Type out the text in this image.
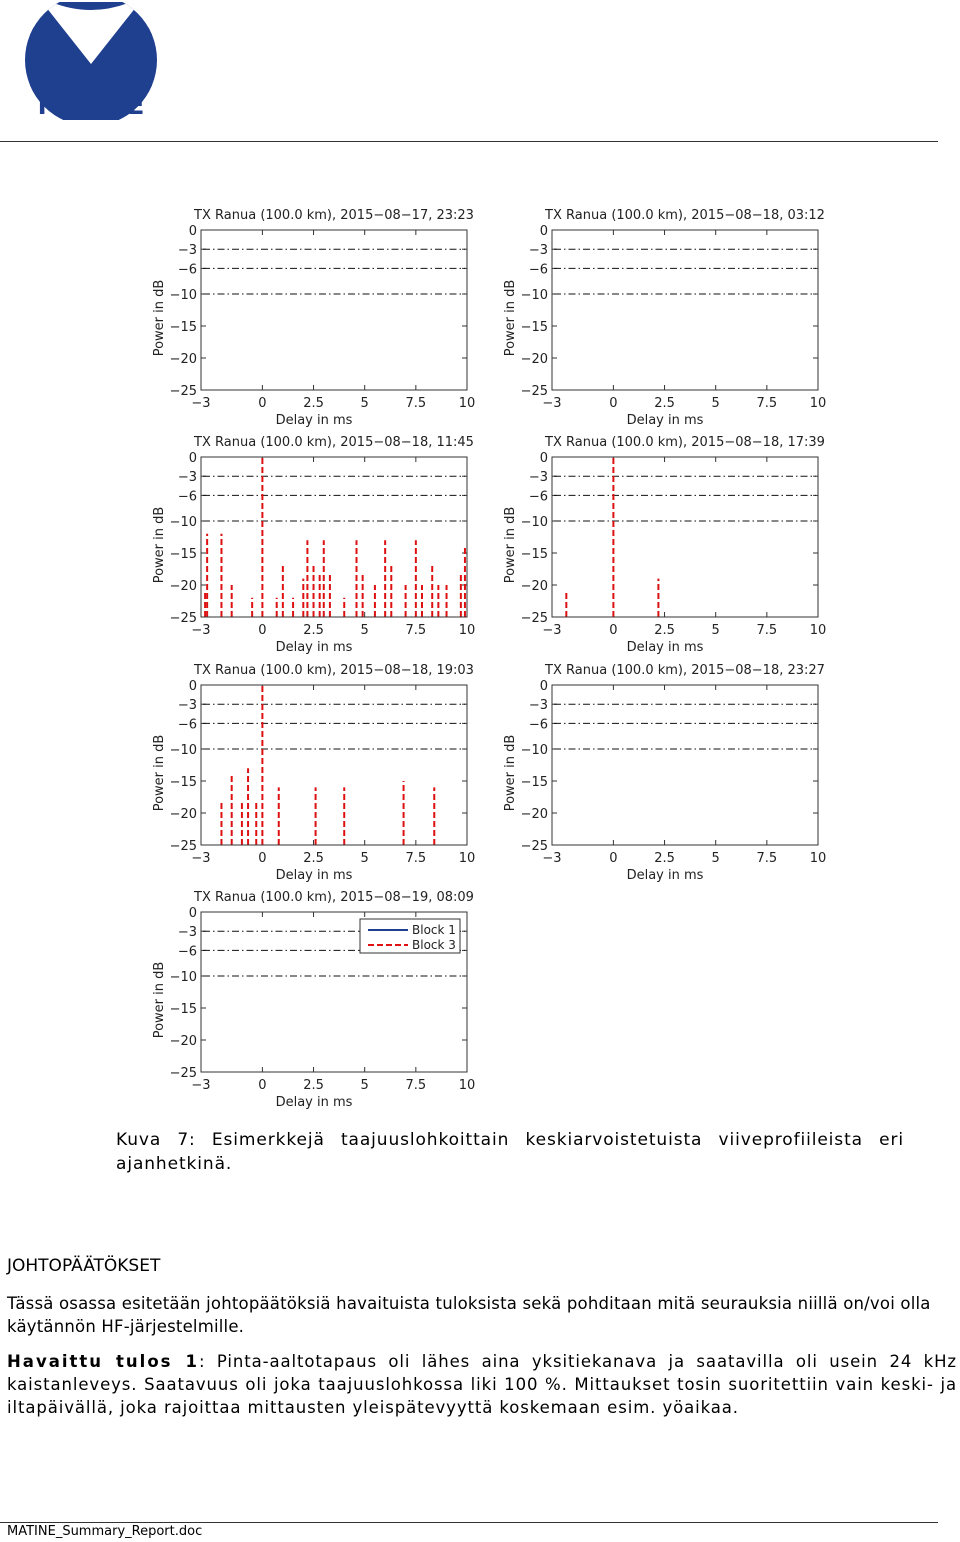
MATINE
TX Ranua (100.0 km), 2015−08−17, 23:23
0
−3
−6
−10
−15
−20
−25
−3	0	2.5	5	7.5	10
Delay in ms
Power in dB
TX Ranua (100.0 km), 2015−08−18, 03:12
0
−3
−6
−10
−15
−20
−25
−3	0	2.5	5	7.5	10
Delay in ms
Power in dB
TX Ranua (100.0 km), 2015−08−18, 11:45
0
−3
−6
−10
−15
−20
−25
−3	0	2.5	5	7.5	10
Delay in ms
Power in dB
TX Ranua (100.0 km), 2015−08−18, 17:39
0
−3
−6
−10
−15
−20
−25
−3	0	2.5	5	7.5	10
Delay in ms
Power in dB
TX Ranua (100.0 km), 2015−08−18, 19:03
0
−3
−6
−10
−15
−20
−25
−3	0	2.5	5	7.5	10
Delay in ms
Power in dB
TX Ranua (100.0 km), 2015−08−18, 23:27
0
−3
−6
−10
−15
−20
−25
−3	0	2.5	5	7.5	10
Delay in ms
Power in dB
TX Ranua (100.0 km), 2015−08−19, 08:09
0
−3
−6
−10
−15
−20
−25
−3	0	2.5	5	7.5	10
Delay in ms
Power in dB
Block 1
Block 3
Kuva 7: Esimerkkejä taajuuslohkoittain keskiarvoistetuista viiveprofiileista eri ajanhetkinä.
JOHTOPÄÄTÖKSET
Tässä osassa esitetään johtopäätöksiä havaituista tuloksista sekä pohditaan mitä seurauksia niillä on/voi olla käytännön HF-järjestelmille.
Havaittu tulos 1: Pinta-aaltotapaus oli lähes aina yksitiekanava ja saatavilla oli usein 24 kHz kaistanleveys. Saatavuus oli joka taajuuslohkossa liki 100 %. Mittaukset tosin suoritettiin vain keski- ja iltapäivällä, joka rajoittaa mittausten yleispätevyyttä koskemaan esim. yöaikaa.
MATINE_Summary_Report.doc
